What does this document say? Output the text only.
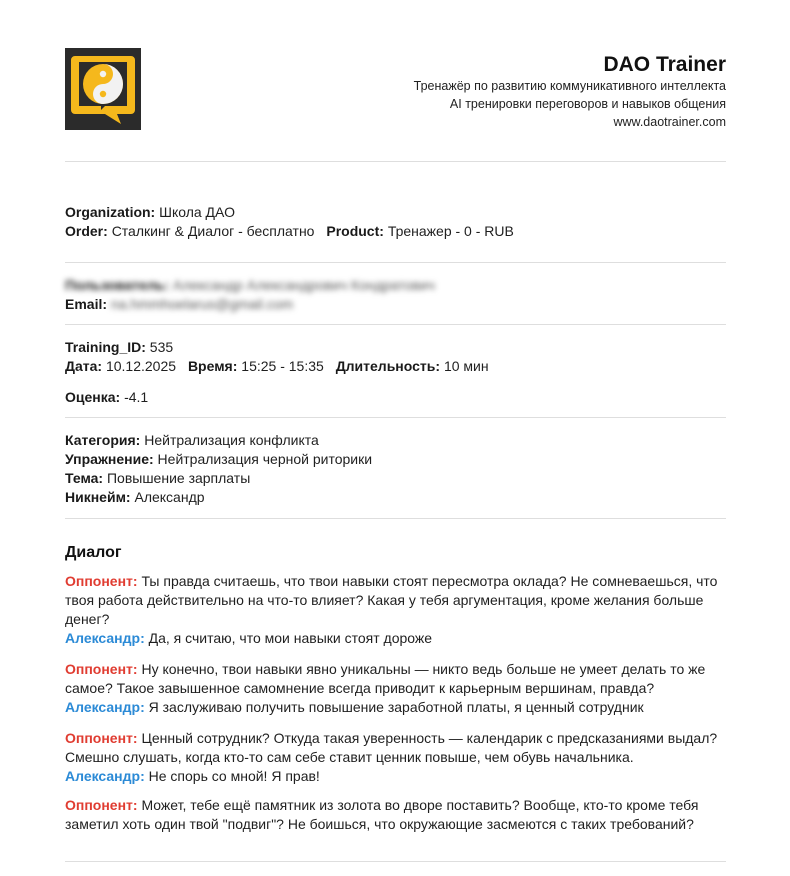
DAO Trainer
Тренажёр по развитию коммуникативного интеллекта
AI тренировки переговоров и навыков общения
www.daotrainer.com
Organization: Школа ДАО
Order: Сталкинг & Диалог - бесплатно Product: Тренажер - 0 - RUB
Пользователь: Александр Александрович Кондратович
Email: na.hmmhoelarus@gmail.com
Training_ID: 535
Дата: 10.12.2025 Время: 15:25 - 15:35 Длительность: 10 мин
Оценка: -4.1
Категория: Нейтрализация конфликта
Упражнение: Нейтрализация черной риторики
Тема: Повышение зарплаты
Никнейм: Александр
Диалог
Оппонент: Ты правда считаешь, что твои навыки стоят пересмотра оклада? Не сомневаешься, что твоя работа действительно на что-то влияет? Какая у тебя аргументация, кроме желания больше денег?
Александр: Да, я считаю, что мои навыки стоят дороже
Оппонент: Ну конечно, твои навыки явно уникальны — никто ведь больше не умеет делать то же самое? Такое завышенное самомнение всегда приводит к карьерным вершинам, правда?
Александр: Я заслуживаю получить повышение заработной платы, я ценный сотрудник
Оппонент: Ценный сотрудник? Откуда такая уверенность — календарик с предсказаниями выдал? Смешно слушать, когда кто-то сам себе ставит ценник повыше, чем обувь начальника.
Александр: Не спорь со мной! Я прав!
Оппонент: Может, тебе ещё памятник из золота во дворе поставить? Вообще, кто-то кроме тебя заметил хоть один твой "подвиг"? Не боишься, что окружающие засмеются с таких требований?
